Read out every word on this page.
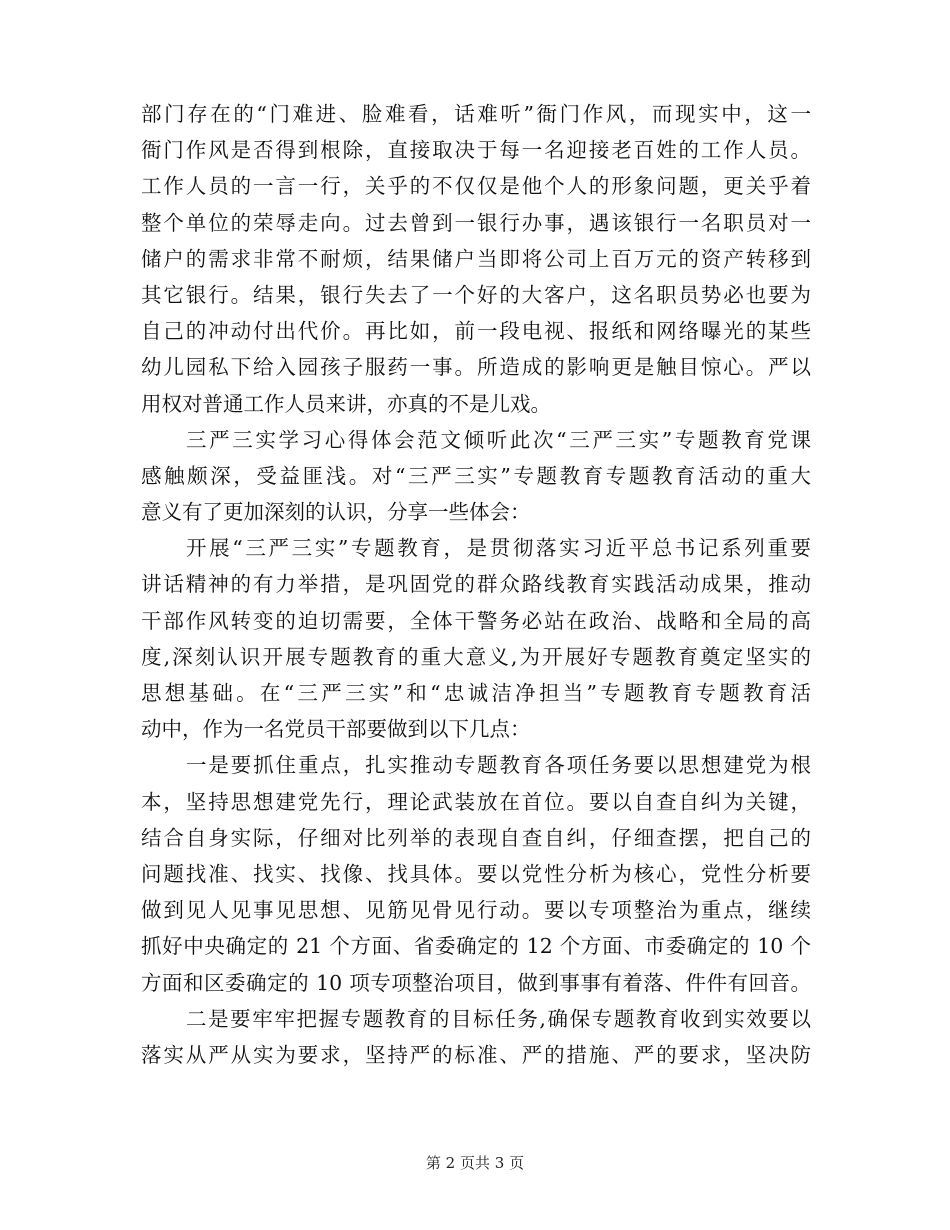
部门存在的“门难进、脸难看，话难听”衙门作风，而现实中，这一
衙门作风是否得到根除，直接取决于每一名迎接老百姓的工作人员。
工作人员的一言一行，关乎的不仅仅是他个人的形象问题，更关乎着
整个单位的荣辱走向。过去曾到一银行办事，遇该银行一名职员对一
储户的需求非常不耐烦，结果储户当即将公司上百万元的资产转移到
其它银行。结果，银行失去了一个好的大客户，这名职员势必也要为
自己的冲动付出代价。再比如，前一段电视、报纸和网络曝光的某些
幼儿园私下给入园孩子服药一事。所造成的影响更是触目惊心。严以
用权对普通工作人员来讲，亦真的不是儿戏。
三严三实学习心得体会范文倾听此次“三严三实”专题教育党课
感触颇深，受益匪浅。对“三严三实”专题教育专题教育活动的重大
意义有了更加深刻的认识，分享一些体会：
开展“三严三实”专题教育，是贯彻落实习近平总书记系列重要
讲话精神的有力举措，是巩固党的群众路线教育实践活动成果，推动
干部作风转变的迫切需要，全体干警务必站在政治、战略和全局的高
度,深刻认识开展专题教育的重大意义,为开展好专题教育奠定坚实的
思想基础。在“三严三实”和“忠诚洁净担当”专题教育专题教育活
动中，作为一名党员干部要做到以下几点：
一是要抓住重点，扎实推动专题教育各项任务要以思想建党为根
本，坚持思想建党先行，理论武装放在首位。要以自查自纠为关键，
结合自身实际，仔细对比列举的表现自查自纠，仔细查摆，把自己的
问题找准、找实、找像、找具体。要以党性分析为核心，党性分析要
做到见人见事见思想、见筋见骨见行动。要以专项整治为重点，继续
抓好中央确定的 21 个方面、省委确定的 12 个方面、市委确定的 10 个
方面和区委确定的 10 项专项整治项目，做到事事有着落、件件有回音。
二是要牢牢把握专题教育的目标任务,确保专题教育收到实效要以
落实从严从实为要求，坚持严的标准、严的措施、严的要求，坚决防
第 2 页共 3 页
